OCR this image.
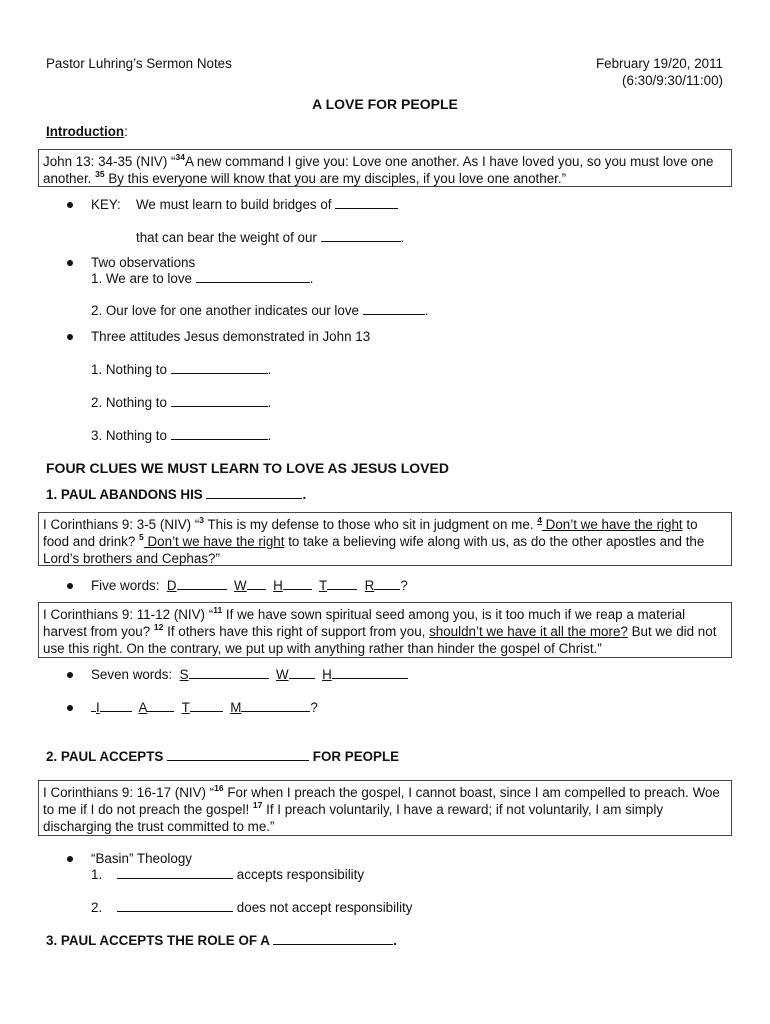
Pastor Luhring’s Sermon Notes	February 19/20, 2011
(6:30/9:30/11:00)
A LOVE FOR PEOPLE
Introduction:
John 13: 34-35 (NIV) “$^{34}$A new command I give you: Love one another. As I have loved you, so you must love one another. $^{35}$ By this everyone will know that you are my disciples, if you love one another.”
KEY: We must learn to build bridges of
that can bear the weight of our	.
Two observations
1. We are to love	.
2. Our love for one another indicates our love	.
Three attitudes Jesus demonstrated in John 13
1. Nothing to	.
2. Nothing to	.
3. Nothing to	.
FOUR CLUES WE MUST LEARN TO LOVE AS JESUS LOVED
1. PAUL ABANDONS HIS	.
I Corinthians 9: 3-5 (NIV) “$^3$ This is my defense to those who sit in judgment on me. $^4$ Don’t we have the right to food and drink? $^5$ Don’t we have the right to take a believing wife along with us, as do the other apostles and the Lord’s brothers and Cephas?”
Five words: D	W H	T	R ?
I Corinthians 9: 11-12 (NIV) “$^{11}$ If we have sown spiritual seed among you, is it too much if we reap a material harvest from you? $^{12}$ If others have this right of support from you, shouldn’t we have it all the more? But we did not use this right. On the contrary, we put up with anything rather than hinder the gospel of Christ.”
Seven words: S	W H
I	A	T	M	?
2. PAUL ACCEPTS	FOR PEOPLE
I Corinthians 9: 16-17 (NIV) “$^{16}$ For when I preach the gospel, I cannot boast, since I am compelled to preach. Woe to me if I do not preach the gospel! $^{17}$ If I preach voluntarily, I have a reward; if not voluntarily, I am simply discharging the trust committed to me.”
“Basin” Theology
1.	accepts responsibility
2.	does not accept responsibility
3. PAUL ACCEPTS THE ROLE OF A	.
